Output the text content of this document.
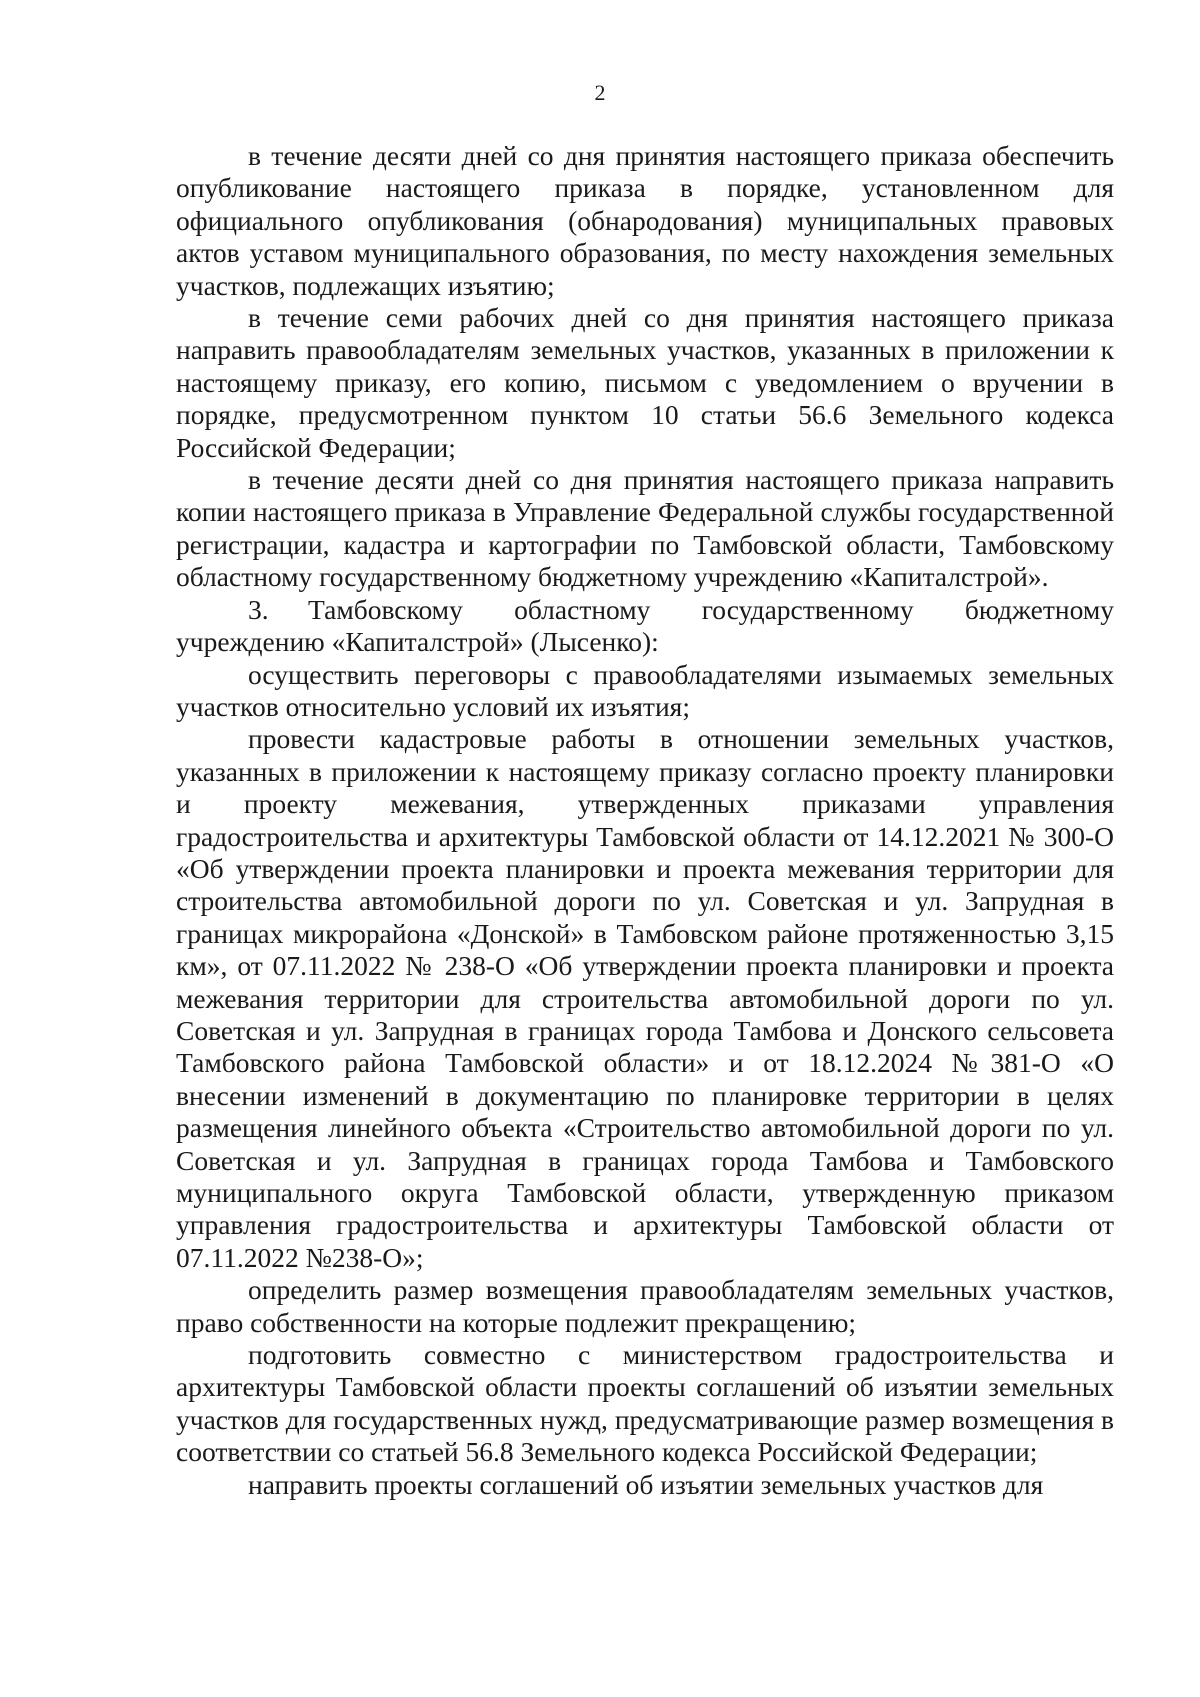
2

в течение десяти дней со дня принятия настоящего приказа обеспечить опубликование настоящего приказа в порядке, установленном для официального опубликования (обнародования) муниципальных правовых актов уставом муниципального образования, по месту нахождения земельных участков, подлежащих изъятию;

в течение семи рабочих дней со дня принятия настоящего приказа направить правообладателям земельных участков, указанных в приложении к настоящему приказу, его копию, письмом с уведомлением о вручении в порядке, предусмотренном пунктом 10 статьи 56.6 Земельного кодекса Российской Федерации;

в течение десяти дней со дня принятия настоящего приказа направить копии настоящего приказа в Управление Федеральной службы государственной регистрации, кадастра и картографии по Тамбовской области, Тамбовскому областному государственному бюджетному учреждению «Капиталстрой».

3. Тамбовскому областному государственному бюджетному учреждению «Капиталстрой» (Лысенко):

осуществить переговоры с правообладателями изымаемых земельных участков относительно условий их изъятия;

провести кадастровые работы в отношении земельных участков, указанных в приложении к настоящему приказу согласно проекту планировки и проекту межевания, утвержденных приказами управления градостроительства и архитектуры Тамбовской области от 14.12.2021 № 300-О «Об утверждении проекта планировки и проекта межевания территории для строительства автомобильной дороги по ул. Советская и ул. Запрудная в границах микрорайона «Донской» в Тамбовском районе протяженностью 3,15 км», от 07.11.2022 № 238-О «Об утверждении проекта планировки и проекта межевания территории для строительства автомобильной дороги по ул. Советская и ул. Запрудная в границах города Тамбова и Донского сельсовета Тамбовского района Тамбовской области» и от 18.12.2024 №381-О «О внесении изменений в документацию по планировке территории в целях размещения линейного объекта «Строительство автомобильной дороги по ул. Советская и ул. Запрудная в границах города Тамбова и Тамбовского муниципального округа Тамбовской области, утвержденную приказом управления градостроительства и архитектуры Тамбовской области от 07.11.2022 №238-О»;

определить размер возмещения правообладателям земельных участков, право собственности на которые подлежит прекращению;

подготовить совместно с министерством градостроительства и архитектуры Тамбовской области проекты соглашений об изъятии земельных участков для государственных нужд, предусматривающие размер возмещения в соответствии со статьей 56.8 Земельного кодекса Российской Федерации;

направить проекты соглашений об изъятии земельных участков для
